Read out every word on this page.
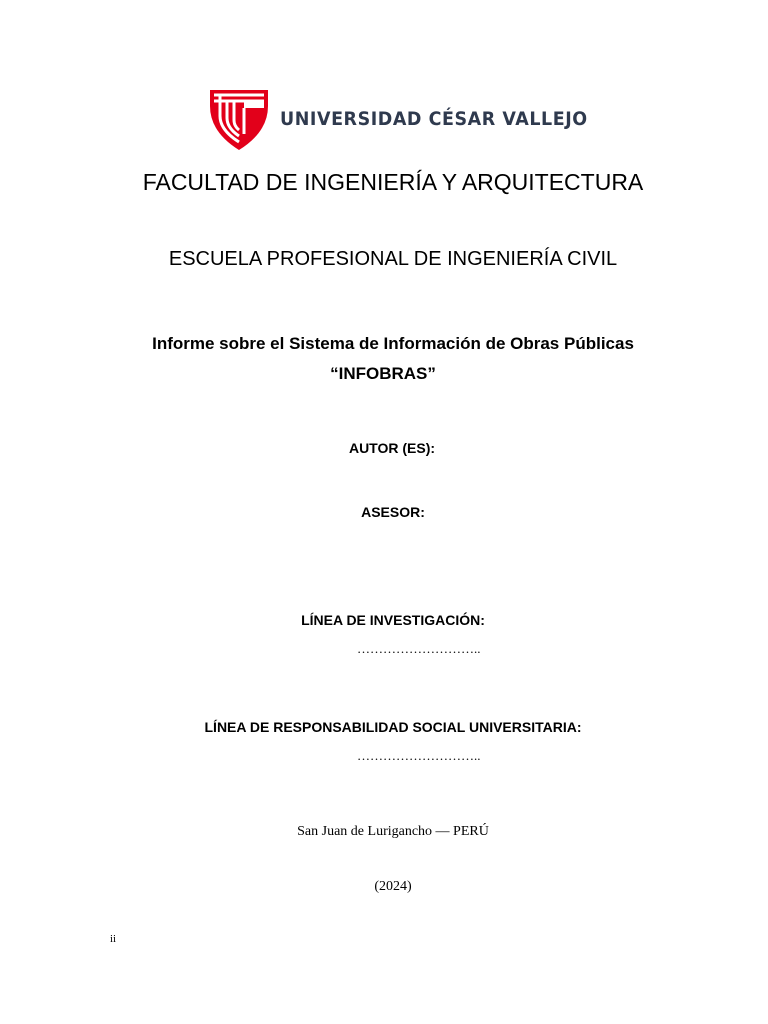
UNIVERSIDAD CÉSAR VALLEJO
FACULTAD DE INGENIERÍA Y ARQUITECTURA
ESCUELA PROFESIONAL DE INGENIERÍA CIVIL
Informe sobre el Sistema de Información de Obras Públicas
“INFOBRAS”
AUTOR (ES):
ASESOR:
LÍNEA DE INVESTIGACIÓN:
………………………..
LÍNEA DE RESPONSABILIDAD SOCIAL UNIVERSITARIA:
………………………..
San Juan de Lurigancho — PERÚ
(2024)
ii
